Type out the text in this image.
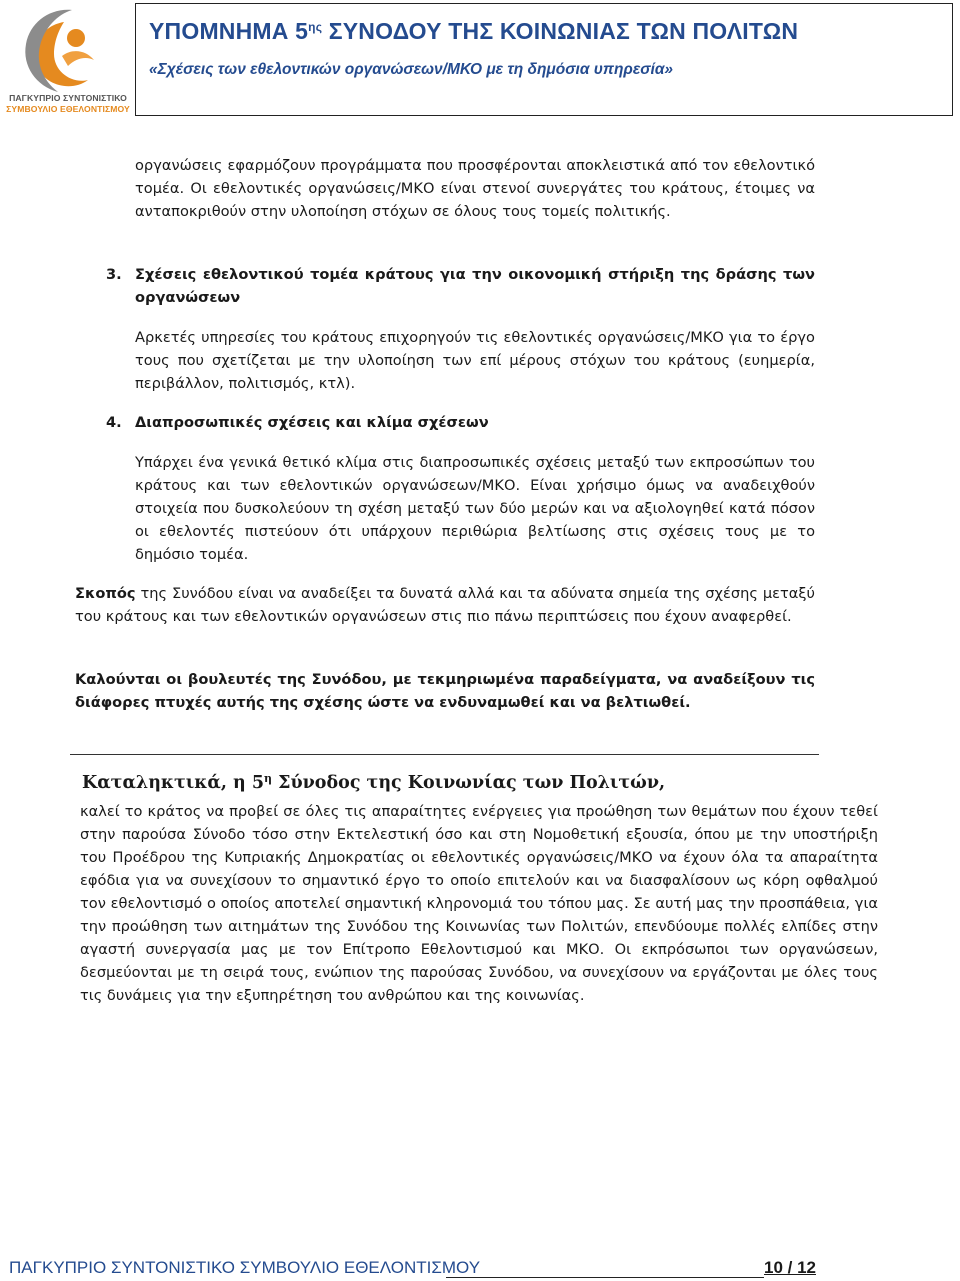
ΠΑΓΚΥΠΡΙΟ ΣΥΝΤΟΝΙΣΤΙΚΟ
ΣΥΜΒΟΥΛΙΟ ΕΘΕΛΟΝΤΙΣΜΟΥ
ΥΠΟΜΝΗΜΑ $5^{\eta\varsigma}$ ΣΥΝΟΔΟΥ ΤΗΣ ΚΟΙΝΩΝΙΑΣ ΤΩΝ ΠΟΛΙΤΩΝ
«Σχέσεις των εθελοντικών οργανώσεων/ΜΚΟ με τη δημόσια υπηρεσία»

οργανώσεις εφαρμόζουν προγράμματα που προσφέρονται αποκλειστικά από τον εθελοντικό τομέα. Οι εθελοντικές οργανώσεις/ΜΚΟ είναι στενοί συνεργάτες του κράτους, έτοιμες να ανταποκριθούν στην υλοποίηση στόχων σε όλους τους τομείς πολιτικής.

3. Σχέσεις εθελοντικού τομέα κράτους για την οικονομική στήριξη της δράσης των οργανώσεων

Αρκετές υπηρεσίες του κράτους επιχορηγούν τις εθελοντικές οργανώσεις/ΜΚΟ για το έργο τους που σχετίζεται με την υλοποίηση των επί μέρους στόχων του κράτους (ευημερία, περιβάλλον, πολιτισμός, κτλ).

4. Διαπροσωπικές σχέσεις και κλίμα σχέσεων

Υπάρχει ένα γενικά θετικό κλίμα στις διαπροσωπικές σχέσεις μεταξύ των εκπροσώπων του κράτους και των εθελοντικών οργανώσεων/ΜΚΟ. Είναι χρήσιμο όμως να αναδειχθούν στοιχεία που δυσκολεύουν τη σχέση μεταξύ των δύο μερών και να αξιολογηθεί κατά πόσον οι εθελοντές πιστεύουν ότι υπάρχουν περιθώρια βελτίωσης στις σχέσεις τους με το δημόσιο τομέα.

Σκοπός της Συνόδου είναι να αναδείξει τα δυνατά αλλά και τα αδύνατα σημεία της σχέσης μεταξύ του κράτους και των εθελοντικών οργανώσεων στις πιο πάνω περιπτώσεις που έχουν αναφερθεί.

Καλούνται οι βουλευτές της Συνόδου, με τεκμηριωμένα παραδείγματα, να αναδείξουν τις διάφορες πτυχές αυτής της σχέσης ώστε να ενδυναμωθεί και να βελτιωθεί.

Καταληκτικά, η $5^\eta$ Σύνοδος της Κοινωνίας των Πολιτών,

καλεί το κράτος να προβεί σε όλες τις απαραίτητες ενέργειες για προώθηση των θεμάτων που έχουν τεθεί στην παρούσα Σύνοδο τόσο στην Εκτελεστική όσο και στη Νομοθετική εξουσία, όπου με την υποστήριξη του Προέδρου της Κυπριακής Δημοκρατίας οι εθελοντικές οργανώσεις/ΜΚΟ να έχουν όλα τα απαραίτητα εφόδια για να συνεχίσουν το σημαντικό έργο το οποίο επιτελούν και να διασφαλίσουν ως κόρη οφθαλμού τον εθελοντισμό ο οποίος αποτελεί σημαντική κληρονομιά του τόπου μας. Σε αυτή μας την προσπάθεια, για την προώθηση των αιτημάτων της Συνόδου της Κοινωνίας των Πολιτών, επενδύουμε πολλές ελπίδες στην αγαστή συνεργασία μας με τον Επίτροπο Εθελοντισμού και ΜΚΟ. Οι εκπρόσωποι των οργανώσεων, δεσμεύονται με τη σειρά τους, ενώπιον της παρούσας Συνόδου, να συνεχίσουν να εργάζονται με όλες τους τις δυνάμεις για την εξυπηρέτηση του ανθρώπου και της κοινωνίας.

ΠΑΓΚΥΠΡΙΟ ΣΥΝΤΟΝΙΣΤΙΚΟ ΣΥΜΒΟΥΛΙΟ ΕΘΕΛΟΝΤΙΣΜΟΥ	10 / 12
